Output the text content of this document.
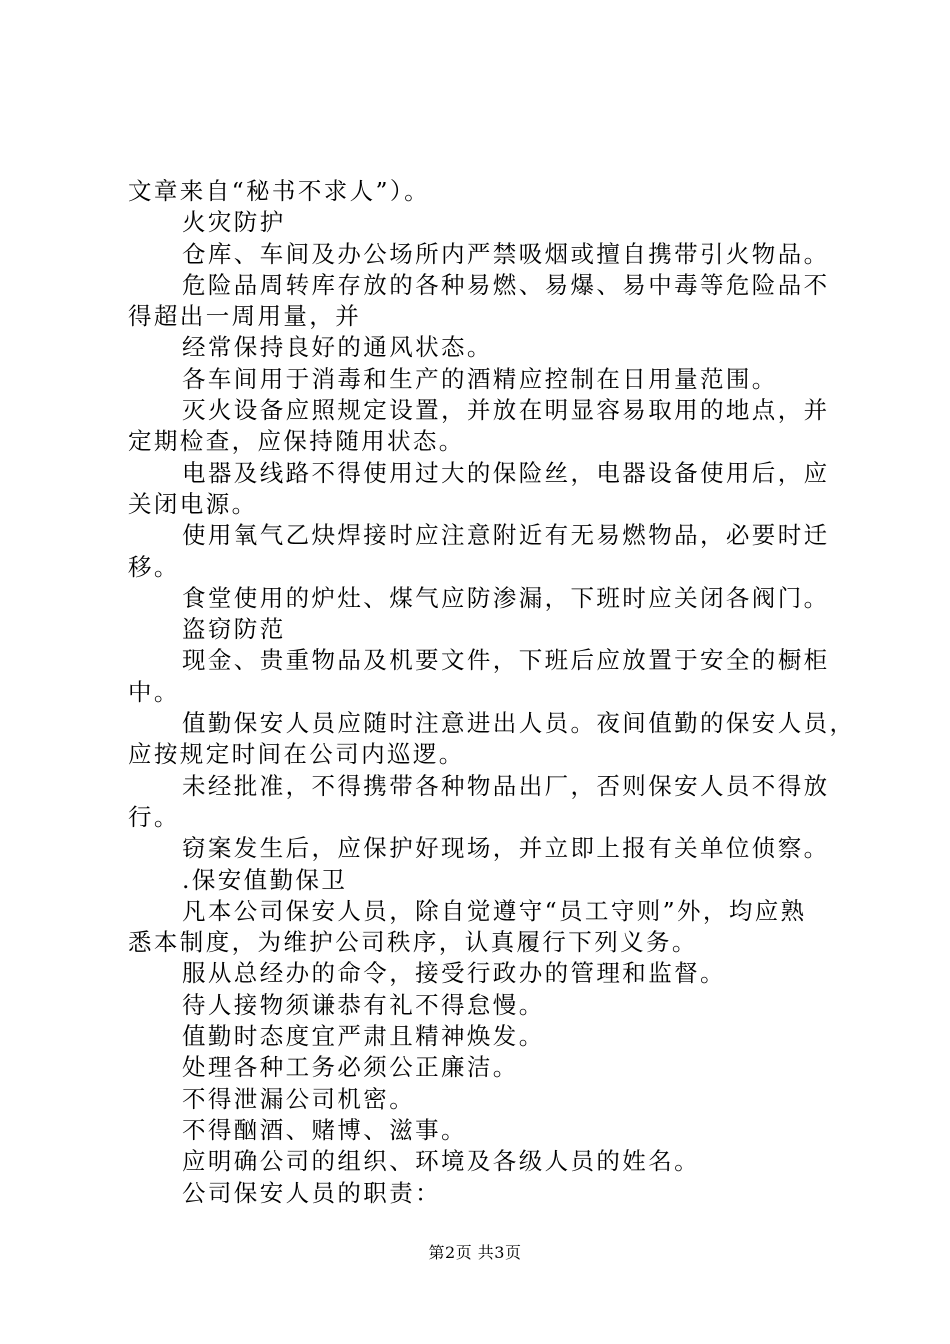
文章来自“秘书不求人”）。

火灾防护

仓库、车间及办公场所内严禁吸烟或擅自携带引火物品。

危险品周转库存放的各种易燃、易爆、易中毒等危险品不

得超出一周用量，并

经常保持良好的通风状态。

各车间用于消毒和生产的酒精应控制在日用量范围。

灭火设备应照规定设置，并放在明显容易取用的地点，并

定期检查，应保持随用状态。

电器及线路不得使用过大的保险丝，电器设备使用后，应

关闭电源。

使用氧气乙炔焊接时应注意附近有无易燃物品，必要时迁

移。

食堂使用的炉灶、煤气应防渗漏，下班时应关闭各阀门。

盗窃防范

现金、贵重物品及机要文件，下班后应放置于安全的橱柜

中。

值勤保安人员应随时注意进出人员。夜间值勤的保安人员，

应按规定时间在公司内巡逻。

未经批准，不得携带各种物品出厂，否则保安人员不得放

行。

窃案发生后，应保护好现场，并立即上报有关单位侦察。

.保安值勤保卫

凡本公司保安人员，除自觉遵守“员工守则”外，均应熟

悉本制度，为维护公司秩序，认真履行下列义务。

服从总经办的命令，接受行政办的管理和监督。

待人接物须谦恭有礼不得怠慢。

值勤时态度宜严肃且精神焕发。

处理各种工务必须公正廉洁。

不得泄漏公司机密。

不得酗酒、赌博、滋事。

应明确公司的组织、环境及各级人员的姓名。

公司保安人员的职责：

第2页 共3页
